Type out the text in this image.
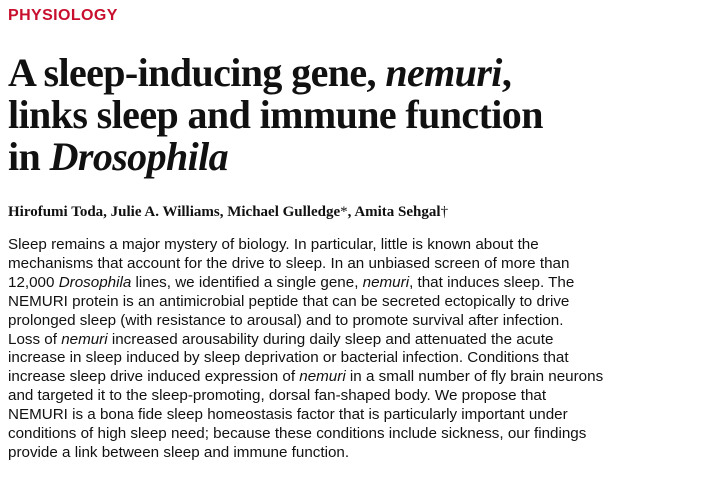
PHYSIOLOGY
A sleep-inducing gene, nemuri,
links sleep and immune function
in Drosophila
Hirofumi Toda, Julie A. Williams, Michael Gulledge*, Amita Sehgal†
Sleep remains a major mystery of biology. In particular, little is known about the
mechanisms that account for the drive to sleep. In an unbiased screen of more than
12,000 Drosophila lines, we identified a single gene, nemuri, that induces sleep. The
NEMURI protein is an antimicrobial peptide that can be secreted ectopically to drive
prolonged sleep (with resistance to arousal) and to promote survival after infection.
Loss of nemuri increased arousability during daily sleep and attenuated the acute
increase in sleep induced by sleep deprivation or bacterial infection. Conditions that
increase sleep drive induced expression of nemuri in a small number of fly brain neurons
and targeted it to the sleep-promoting, dorsal fan-shaped body. We propose that
NEMURI is a bona fide sleep homeostasis factor that is particularly important under
conditions of high sleep need; because these conditions include sickness, our findings
provide a link between sleep and immune function.
